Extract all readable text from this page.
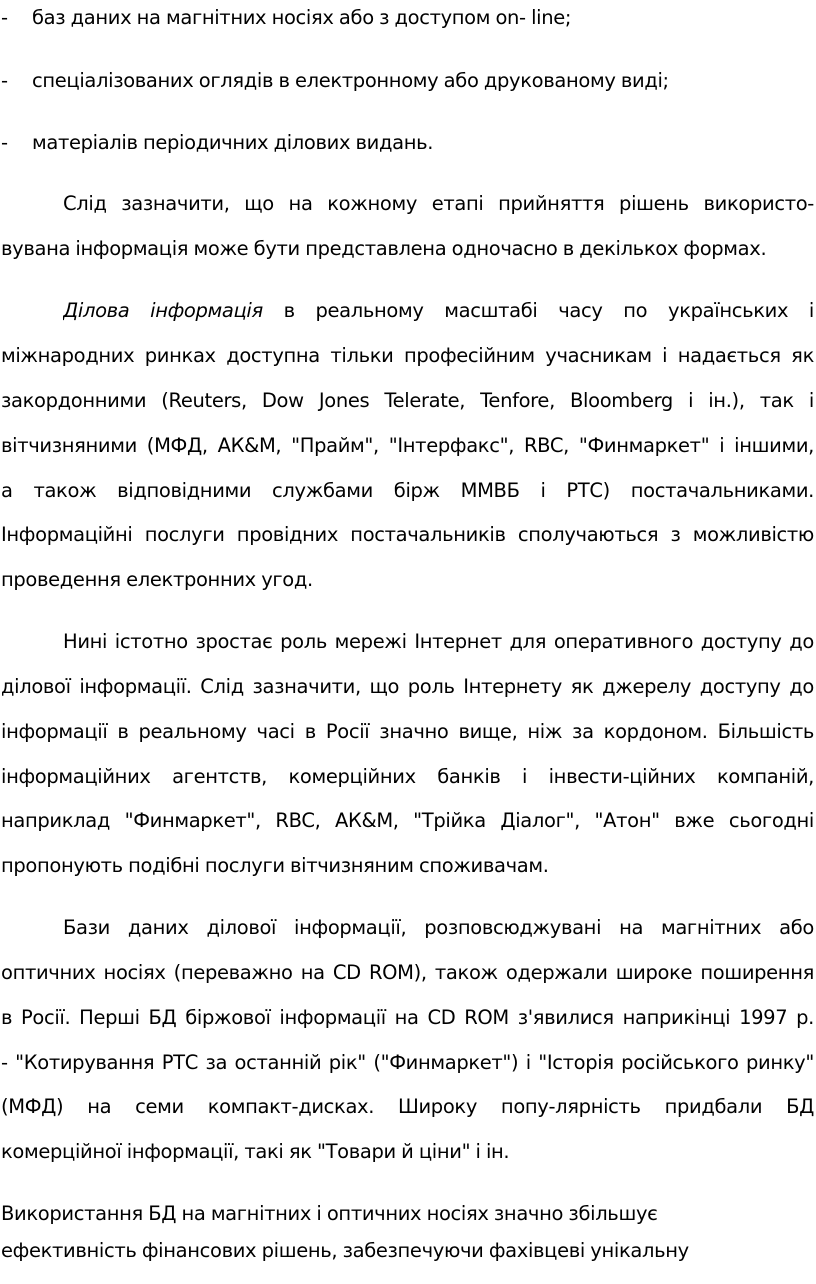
- баз даних на магнітних носіях або з доступом on- line;
- спеціалізованих оглядів в електронному або друкованому виді;
- матеріалів періодичних ділових видань.
Слід зазначити, що на кожному етапі прийняття рішень використо-
вувана інформація може бути представлена одночасно в декількох формах.
Ділова інформація в реальному масштабі часу по українських і
міжнародних ринках доступна тільки професійним учасникам і надається як
закордонними (Reuters, Dow Jones Telerate, Tenfore, Bloomberg і ін.), так і
вітчизняними (МФД, АК&M, "Прайм", "Інтерфакс", RBC, "Финмаркет" і іншими,
а також відповідними службами бірж ММВБ і РТС) постачальниками.
Інформаційні послуги провідних постачальників сполучаються з можливістю
проведення електронних угод.
Нині істотно зростає роль мережі Інтернет для оперативного доступу до
ділової інформації. Слід зазначити, що роль Інтернету як джерелу доступу до
інформації в реальному часі в Росії значно вище, ніж за кордоном. Більшість
інформаційних агентств, комерційних банків і інвести-ційних компаній,
наприклад "Финмаркет", RBC, АК&M, "Трійка Діалог", "Атон" вже сьогодні
пропонують подібні послуги вітчизняним споживачам.
Бази даних ділової інформації, розповсюджувані на магнітних або
оптичних носіях (переважно на CD ROM), також одержали широке поширення
в Росії. Перші БД біржової інформації на CD ROM з'явилися наприкінці 1997 р.
- "Котирування РТС за останній рік" ("Финмаркет") і "Історія російського ринку"
(МФД) на семи компакт-дисках. Широку попу-лярність придбали БД
комерційної інформації, такі як "Товари й ціни" і ін.
Використання БД на магнітних і оптичних носіях значно збільшує
ефективність фінансових рішень, забезпечуючи фахівцеві унікальну
